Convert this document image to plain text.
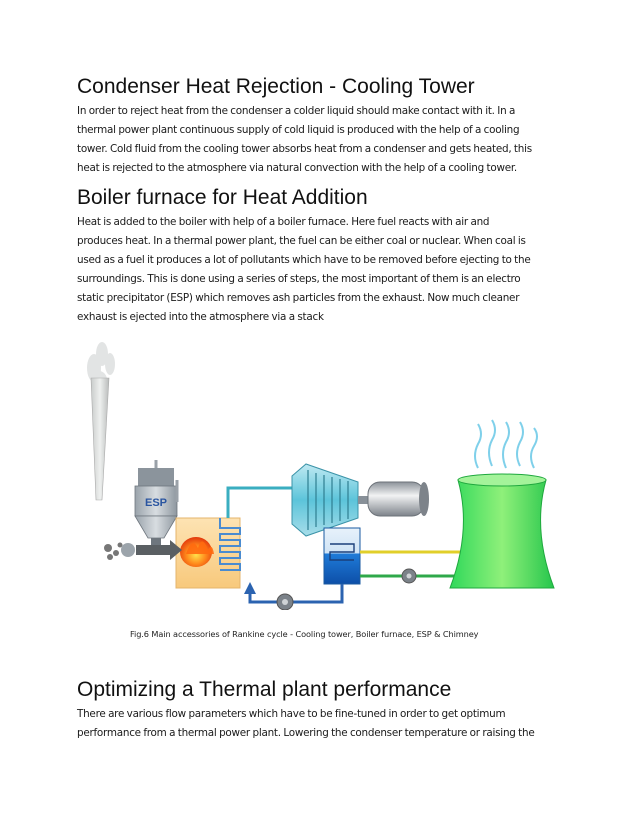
Condenser Heat Rejection - Cooling Tower
In order to reject heat from the condenser a colder liquid should make contact with it. In a
thermal power plant continuous supply of cold liquid is produced with the help of a cooling
tower. Cold fluid from the cooling tower absorbs heat from a condenser and gets heated, this
heat is rejected to the atmosphere via natural convection with the help of a cooling tower.
Boiler furnace for Heat Addition
Heat is added to the boiler with help of a boiler furnace. Here fuel reacts with air and
produces heat. In a thermal power plant, the fuel can be either coal or nuclear. When coal is
used as a fuel it produces a lot of pollutants which have to be removed before ejecting to the
surroundings. This is done using a series of steps, the most important of them is an electro
static precipitator (ESP) which removes ash particles from the exhaust. Now much cleaner
exhaust is ejected into the atmosphere via a stack
ESP

Fig.6 Main accessories of Rankine cycle - Cooling tower, Boiler furnace, ESP & Chimney

Optimizing a Thermal plant performance
There are various flow parameters which have to be fine-tuned in order to get optimum
performance from a thermal power plant. Lowering the condenser temperature or raising the
